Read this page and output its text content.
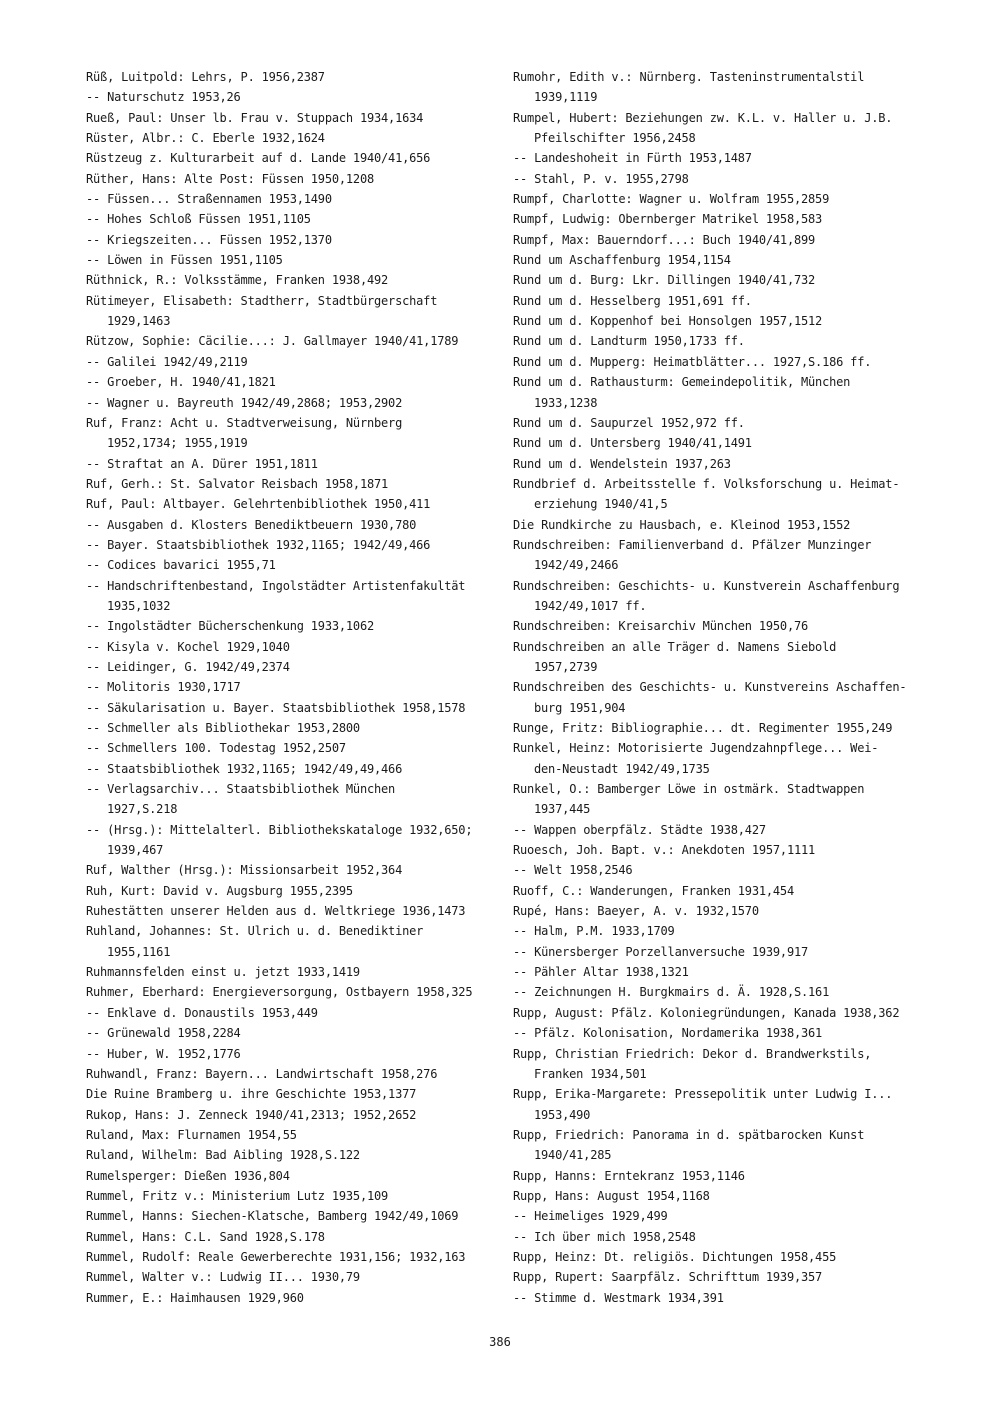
Rüß, Luitpold: Lehrs, P. 1956,2387
-- Naturschutz 1953,26
Rueß, Paul: Unser lb. Frau v. Stuppach 1934,1634
Rüster, Albr.: C. Eberle 1932,1624
Rüstzeug z. Kulturarbeit auf d. Lande 1940/41,656
Rüther, Hans: Alte Post: Füssen 1950,1208
-- Füssen... Straßennamen 1953,1490
-- Hohes Schloß Füssen 1951,1105
-- Kriegszeiten... Füssen 1952,1370
-- Löwen in Füssen 1951,1105
Rüthnick, R.: Volksstämme, Franken 1938,492
Rütimeyer, Elisabeth: Stadtherr, Stadtbürgerschaft
1929,1463
Rützow, Sophie: Cäcilie...: J. Gallmayer 1940/41,1789
-- Galilei 1942/49,2119
-- Groeber, H. 1940/41,1821
-- Wagner u. Bayreuth 1942/49,2868; 1953,2902
Ruf, Franz: Acht u. Stadtverweisung, Nürnberg
1952,1734; 1955,1919
-- Straftat an A. Dürer 1951,1811
Ruf, Gerh.: St. Salvator Reisbach 1958,1871
Ruf, Paul: Altbayer. Gelehrtenbibliothek 1950,411
-- Ausgaben d. Klosters Benediktbeuern 1930,780
-- Bayer. Staatsbibliothek 1932,1165; 1942/49,466
-- Codices bavarici 1955,71
-- Handschriftenbestand, Ingolstädter Artistenfakultät
1935,1032
-- Ingolstädter Bücherschenkung 1933,1062
-- Kisyla v. Kochel 1929,1040
-- Leidinger, G. 1942/49,2374
-- Molitoris 1930,1717
-- Säkularisation u. Bayer. Staatsbibliothek 1958,1578
-- Schmeller als Bibliothekar 1953,2800
-- Schmellers 100. Todestag 1952,2507
-- Staatsbibliothek 1932,1165; 1942/49,49,466
-- Verlagsarchiv... Staatsbibliothek München
1927,S.218
-- (Hrsg.): Mittelalterl. Bibliothekskataloge 1932,650;
1939,467
Ruf, Walther (Hrsg.): Missionsarbeit 1952,364
Ruh, Kurt: David v. Augsburg 1955,2395
Ruhestätten unserer Helden aus d. Weltkriege 1936,1473
Ruhland, Johannes: St. Ulrich u. d. Benediktiner
1955,1161
Ruhmannsfelden einst u. jetzt 1933,1419
Ruhmer, Eberhard: Energieversorgung, Ostbayern 1958,325
-- Enklave d. Donaustils 1953,449
-- Grünewald 1958,2284
-- Huber, W. 1952,1776
Ruhwandl, Franz: Bayern... Landwirtschaft 1958,276
Die Ruine Bramberg u. ihre Geschichte 1953,1377
Rukop, Hans: J. Zenneck 1940/41,2313; 1952,2652
Ruland, Max: Flurnamen 1954,55
Ruland, Wilhelm: Bad Aibling 1928,S.122
Rumelsperger: Dießen 1936,804
Rummel, Fritz v.: Ministerium Lutz 1935,109
Rummel, Hanns: Siechen-Klatsche, Bamberg 1942/49,1069
Rummel, Hans: C.L. Sand 1928,S.178
Rummel, Rudolf: Reale Gewerberechte 1931,156; 1932,163
Rummel, Walter v.: Ludwig II... 1930,79
Rummer, E.: Haimhausen 1929,960
Rumohr, Edith v.: Nürnberg. Tasteninstrumentalstil
1939,1119
Rumpel, Hubert: Beziehungen zw. K.L. v. Haller u. J.B.
Pfeilschifter 1956,2458
-- Landeshoheit in Fürth 1953,1487
-- Stahl, P. v. 1955,2798
Rumpf, Charlotte: Wagner u. Wolfram 1955,2859
Rumpf, Ludwig: Obernberger Matrikel 1958,583
Rumpf, Max: Bauerndorf...: Buch 1940/41,899
Rund um Aschaffenburg 1954,1154
Rund um d. Burg: Lkr. Dillingen 1940/41,732
Rund um d. Hesselberg 1951,691 ff.
Rund um d. Koppenhof bei Honsolgen 1957,1512
Rund um d. Landturm 1950,1733 ff.
Rund um d. Mupperg: Heimatblätter... 1927,S.186 ff.
Rund um d. Rathausturm: Gemeindepolitik, München
1933,1238
Rund um d. Saupurzel 1952,972 ff.
Rund um d. Untersberg 1940/41,1491
Rund um d. Wendelstein 1937,263
Rundbrief d. Arbeitsstelle f. Volksforschung u. Heimat-
erziehung 1940/41,5
Die Rundkirche zu Hausbach, e. Kleinod 1953,1552
Rundschreiben: Familienverband d. Pfälzer Munzinger
1942/49,2466
Rundschreiben: Geschichts- u. Kunstverein Aschaffenburg
1942/49,1017 ff.
Rundschreiben: Kreisarchiv München 1950,76
Rundschreiben an alle Träger d. Namens Siebold
1957,2739
Rundschreiben des Geschichts- u. Kunstvereins Aschaffen-
burg 1951,904
Runge, Fritz: Bibliographie... dt. Regimenter 1955,249
Runkel, Heinz: Motorisierte Jugendzahnpflege... Wei-
den-Neustadt 1942/49,1735
Runkel, O.: Bamberger Löwe in ostmärk. Stadtwappen
1937,445
-- Wappen oberpfälz. Städte 1938,427
Ruoesch, Joh. Bapt. v.: Anekdoten 1957,1111
-- Welt 1958,2546
Ruoff, C.: Wanderungen, Franken 1931,454
Rupé, Hans: Baeyer, A. v. 1932,1570
-- Halm, P.M. 1933,1709
-- Künersberger Porzellanversuche 1939,917
-- Pähler Altar 1938,1321
-- Zeichnungen H. Burgkmairs d. Ä. 1928,S.161
Rupp, August: Pfälz. Koloniegründungen, Kanada 1938,362
-- Pfälz. Kolonisation, Nordamerika 1938,361
Rupp, Christian Friedrich: Dekor d. Brandwerkstils,
Franken 1934,501
Rupp, Erika-Margarete: Pressepolitik unter Ludwig I...
1953,490
Rupp, Friedrich: Panorama in d. spätbarocken Kunst
1940/41,285
Rupp, Hanns: Erntekranz 1953,1146
Rupp, Hans: August 1954,1168
-- Heimeliges 1929,499
-- Ich über mich 1958,2548
Rupp, Heinz: Dt. religiös. Dichtungen 1958,455
Rupp, Rupert: Saarpfälz. Schrifttum 1939,357
-- Stimme d. Westmark 1934,391
386
